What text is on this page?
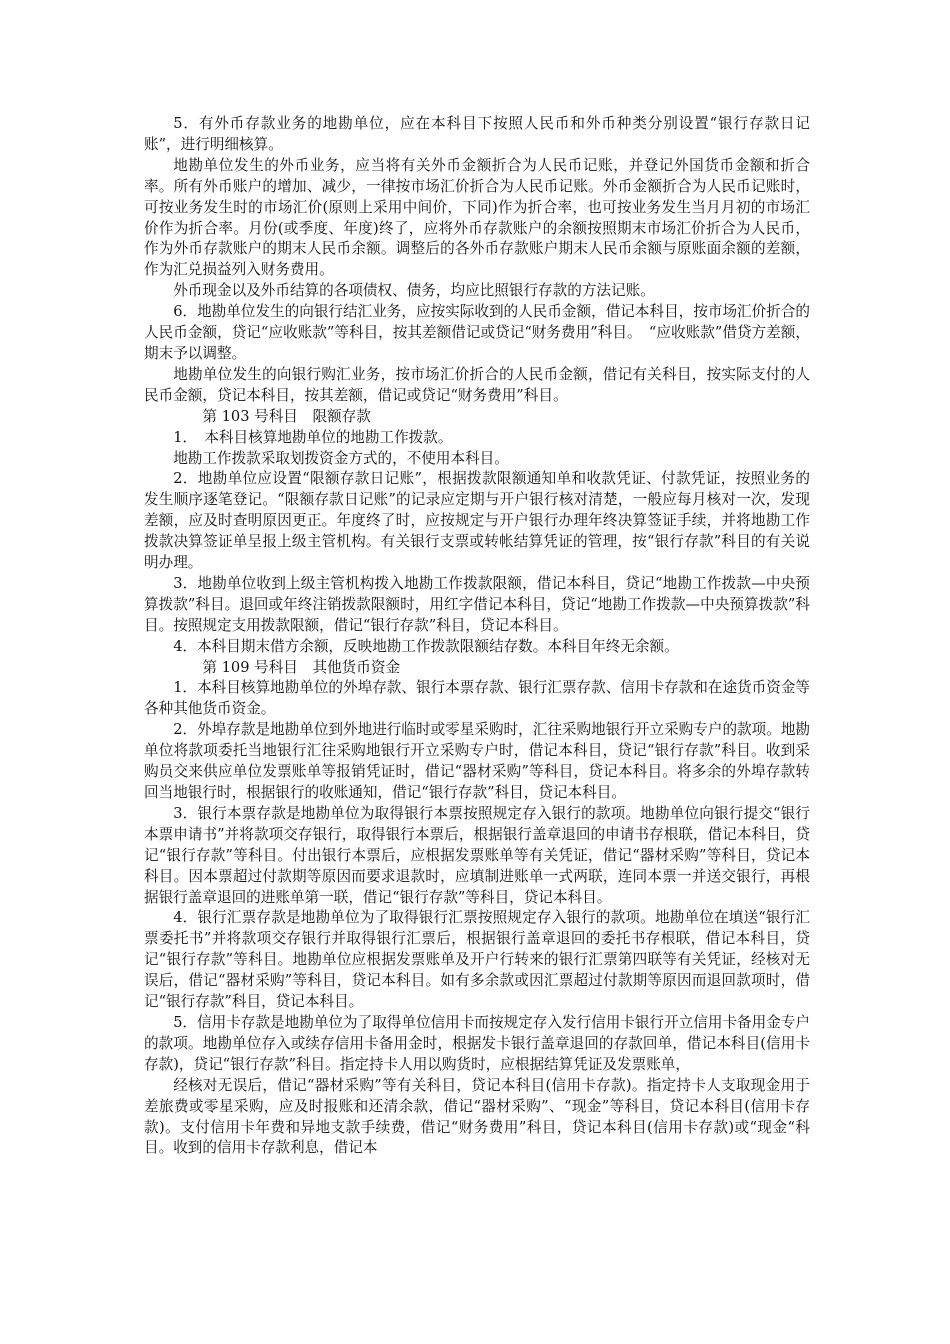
5．有外币存款业务的地勘单位，应在本科目下按照人民币和外币种类分别设置“银行存款日记账”，进行明细核算。

地勘单位发生的外币业务，应当将有关外币金额折合为人民币记账，并登记外国货币金额和折合率。所有外币账户的增加、减少，一律按市场汇价折合为人民币记账。外币金额折合为人民币记账时，可按业务发生时的市场汇价(原则上采用中间价，下同)作为折合率，也可按业务发生当月月初的市场汇价作为折合率。月份(或季度、年度)终了，应将外币存款账户的余额按照期末市场汇价折合为人民币，作为外币存款账户的期末人民币余额。调整后的各外币存款账户期末人民币余额与原账面余额的差额，作为汇兑损益列入财务费用。

外币现金以及外币结算的各项债权、债务，均应比照银行存款的方法记账。

6．地勘单位发生的向银行结汇业务，应按实际收到的人民币金额，借记本科目，按市场汇价折合的人民币金额，贷记“应收账款”等科目，按其差额借记或贷记“财务费用”科目。　“应收账款”借贷方差额，期末予以调整。

地勘单位发生的向银行购汇业务，按市场汇价折合的人民币金额，借记有关科目，按实际支付的人民币金额，贷记本科目，按其差额，借记或贷记“财务费用”科目。

第 103 号科目　限额存款

1．　本科目核算地勘单位的地勘工作拨款。

地勘工作拨款采取划拨资金方式的，不使用本科目。

2．地勘单位应设置“限额存款日记账”，根据拨款限额通知单和收款凭证、付款凭证，按照业务的发生顺序逐笔登记。“限额存款日记账”的记录应定期与开户银行核对清楚，一般应每月核对一次，发现差额，应及时查明原因更正。年度终了时，应按规定与开户银行办理年终决算签证手续，并将地勘工作拨款决算签证单呈报上级主管机构。有关银行支票或转帐结算凭证的管理，按“银行存款”科目的有关说明办理。

3．地勘单位收到上级主管机构拨入地勘工作拨款限额，借记本科目，贷记“地勘工作拨款—中央预算拨款”科目。退回或年终注销拨款限额时，用红字借记本科目，贷记“地勘工作拨款—中央预算拨款”科目。按照规定支用拨款限额，借记“银行存款”科目，贷记本科目。

4．本科目期末借方余额，反映地勘工作拨款限额结存数。本科目年终无余额。

第 109 号科目　其他货币资金

1．本科目核算地勘单位的外埠存款、银行本票存款、银行汇票存款、信用卡存款和在途货币资金等各种其他货币资金。

2．外埠存款是地勘单位到外地进行临时或零星采购时，汇往采购地银行开立采购专户的款项。地勘单位将款项委托当地银行汇往采购地银行开立采购专户时，借记本科目，贷记“银行存款”科目。收到采购员交来供应单位发票账单等报销凭证时，借记“器材采购”等科目，贷记本科目。将多余的外埠存款转回当地银行时，根据银行的收账通知，借记“银行存款”科目，贷记本科目。

3．银行本票存款是地勘单位为取得银行本票按照规定存入银行的款项。地勘单位向银行提交“银行本票申请书”并将款项交存银行，取得银行本票后，根据银行盖章退回的申请书存根联，借记本科目，贷记“银行存款”等科目。付出银行本票后，应根据发票账单等有关凭证，借记“器材采购”等科目，贷记本科目。因本票超过付款期等原因而要求退款时，应填制进账单一式两联，连同本票一并送交银行，再根据银行盖章退回的进账单第一联，借记“银行存款”等科目，贷记本科目。

4．银行汇票存款是地勘单位为了取得银行汇票按照规定存入银行的款项。地勘单位在填送“银行汇票委托书”并将款项交存银行并取得银行汇票后，根据银行盖章退回的委托书存根联，借记本科目，贷记“银行存款”等科目。地勘单位应根据发票账单及开户行转来的银行汇票第四联等有关凭证，经核对无误后，借记“器材采购”等科目，贷记本科目。如有多余款或因汇票超过付款期等原因而退回款项时，借记“银行存款”科目，贷记本科目。

5．信用卡存款是地勘单位为了取得单位信用卡而按规定存入发行信用卡银行开立信用卡备用金专户的款项。地勘单位存入或续存信用卡备用金时，根据发卡银行盖章退回的存款回单，借记本科目(信用卡存款)，贷记“银行存款”科目。指定持卡人用以购货时，应根据结算凭证及发票账单，

经核对无误后，借记“器材采购”等有关科目，贷记本科目(信用卡存款)。指定持卡人支取现金用于差旅费或零星采购，应及时报账和还清余款，借记“器材采购”、“现金”等科目，贷记本科目(信用卡存款)。支付信用卡年费和异地支款手续费，借记“财务费用”科目，贷记本科目(信用卡存款)或“现金“科目。收到的信用卡存款利息，借记本
